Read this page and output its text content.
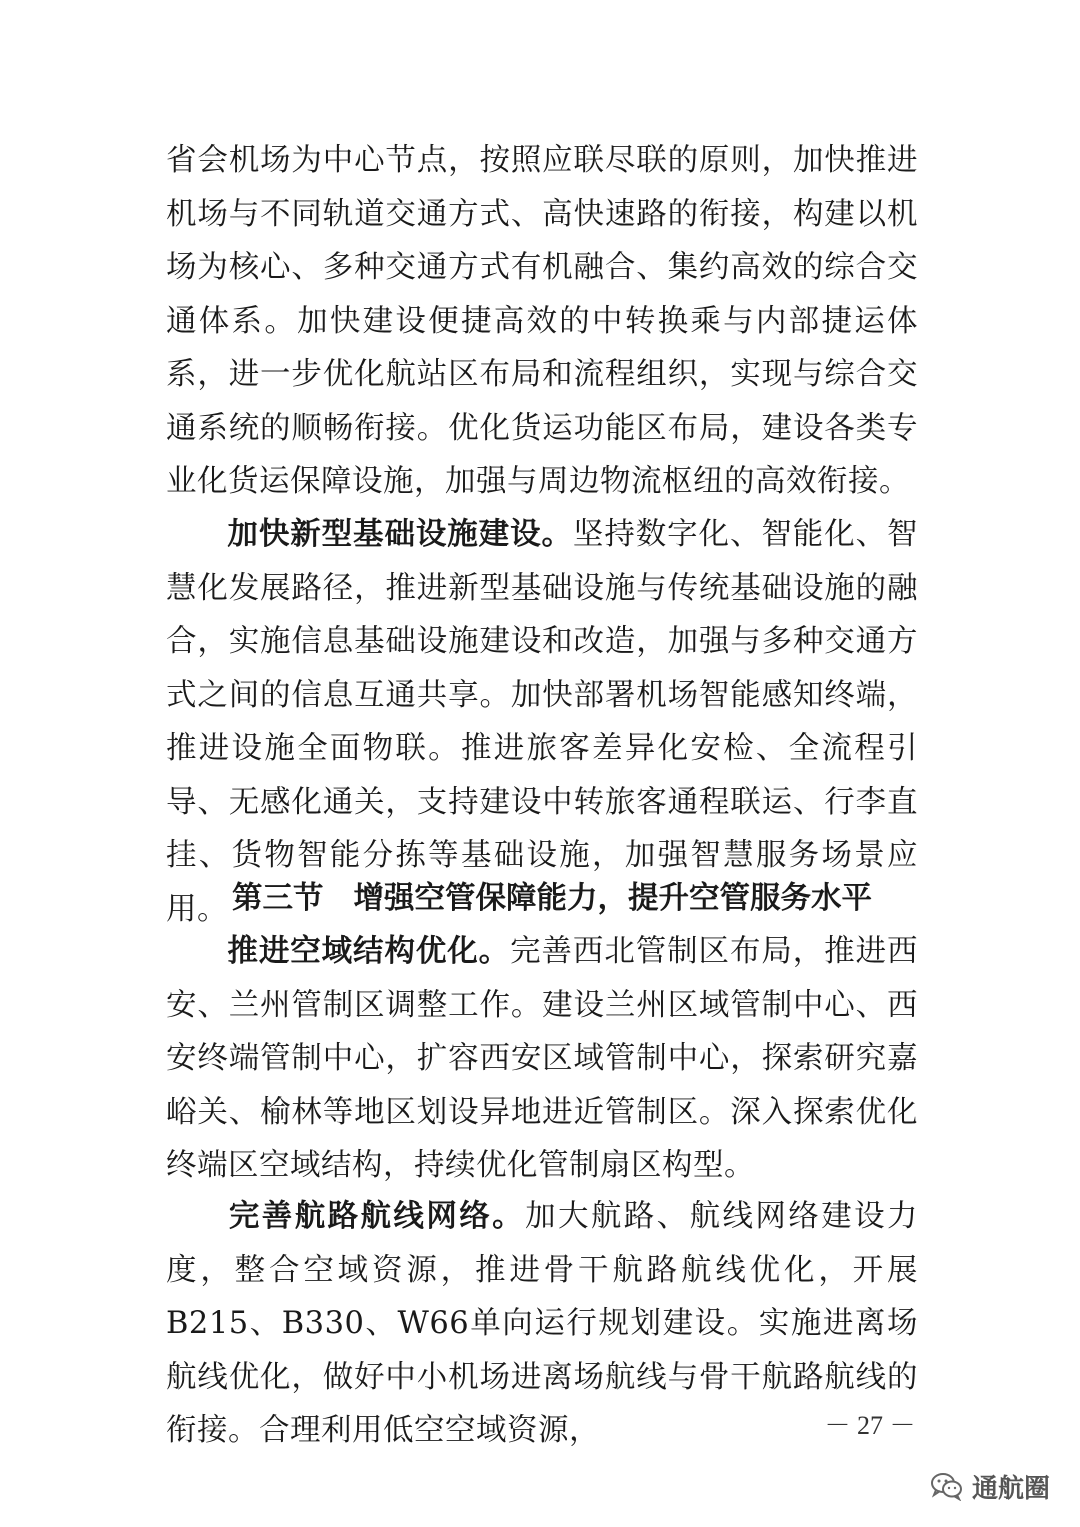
省会机场为中心节点，按照应联尽联的原则，加快推进机场与不同轨道交通方式、高快速路的衔接，构建以机场为核心、多种交通方式有机融合、集约高效的综合交通体系。加快建设便捷高效的中转换乘与内部捷运体系，进一步优化航站区布局和流程组织，实现与综合交通系统的顺畅衔接。优化货运功能区布局，建设各类专业化货运保障设施，加强与周边物流枢纽的高效衔接。

加快新型基础设施建设。坚持数字化、智能化、智慧化发展路径，推进新型基础设施与传统基础设施的融合，实施信息基础设施建设和改造，加强与多种交通方式之间的信息互通共享。加快部署机场智能感知终端，推进设施全面物联。推进旅客差异化安检、全流程引导、无感化通关，支持建设中转旅客通程联运、行李直挂、货物智能分拣等基础设施，加强智慧服务场景应用。 第三节 增强空管保障能力，提升空管服务水平

推进空域结构优化。完善西北管制区布局，推进西安、兰州管制区调整工作。建设兰州区域管制中心、西安终端管制中心，扩容西安区域管制中心，探索研究嘉峪关、榆林等地区划设异地进近管制区。深入探索优化终端区空域结构，持续优化管制扇区构型。

完善航路航线网络。加大航路、航线网络建设力度，整合空域资源，推进骨干航路航线优化，开展B215、B330、W66单向运行规划建设。实施进离场航线优化，做好中小机场进离场航线与骨干航路航线的衔接。合理利用低空空域资源，	－ 27 －
通航圈
